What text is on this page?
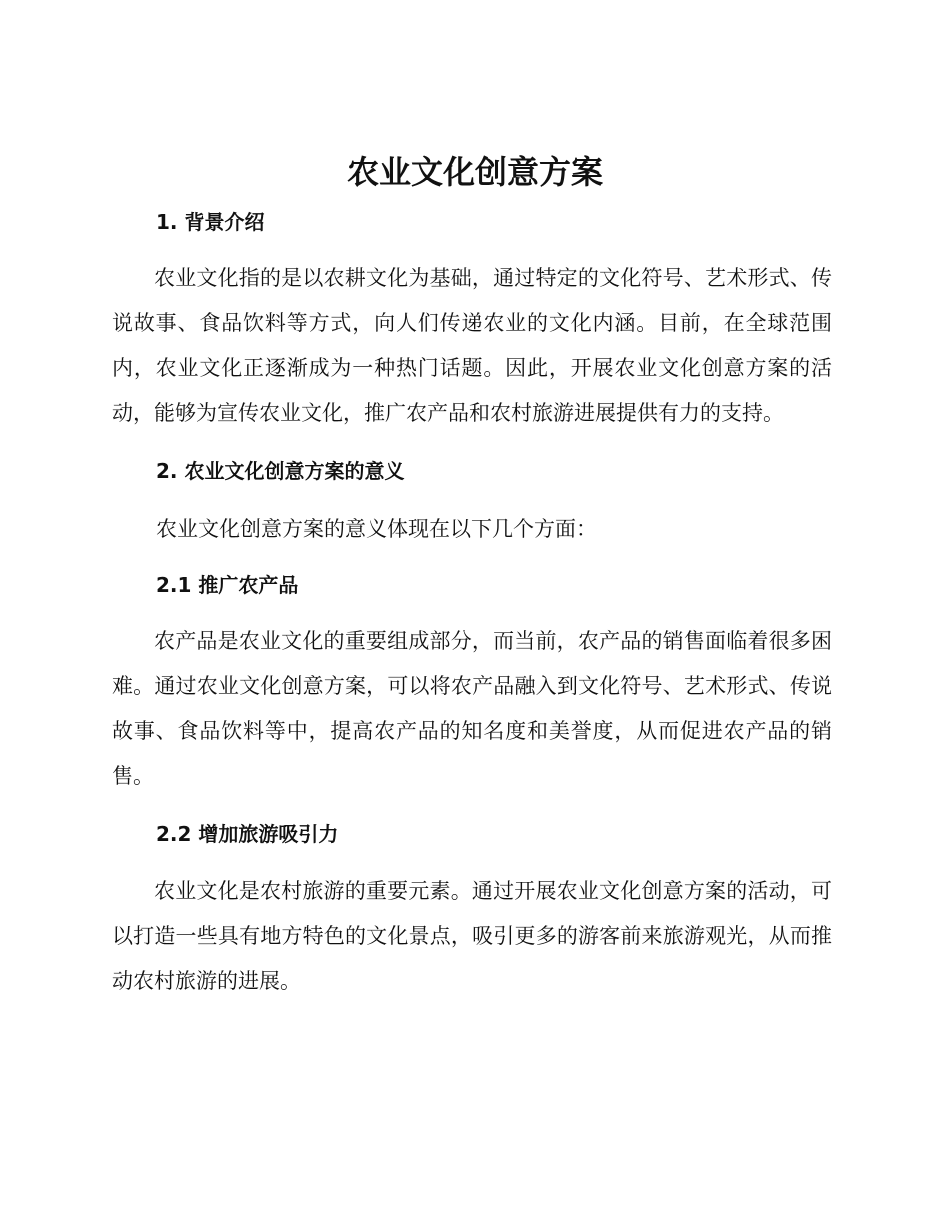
农业文化创意方案
1. 背景介绍

农业文化指的是以农耕文化为基础，通过特定的文化符号、艺术形式、传说故事、食品饮料等方式，向人们传递农业的文化内涵。目前，在全球范围内，农业文化正逐渐成为一种热门话题。因此，开展农业文化创意方案的活动，能够为宣传农业文化，推广农产品和农村旅游进展提供有力的支持。

2. 农业文化创意方案的意义
农业文化创意方案的意义体现在以下几个方面：
2.1 推广农产品

农产品是农业文化的重要组成部分，而当前，农产品的销售面临着很多困难。通过农业文化创意方案，可以将农产品融入到文化符号、艺术形式、传说故事、食品饮料等中，提高农产品的知名度和美誉度，从而促进农产品的销售。

2.2 增加旅游吸引力

农业文化是农村旅游的重要元素。通过开展农业文化创意方案的活动，可以打造一些具有地方特色的文化景点，吸引更多的游客前来旅游观光，从而推动农村旅游的进展。
